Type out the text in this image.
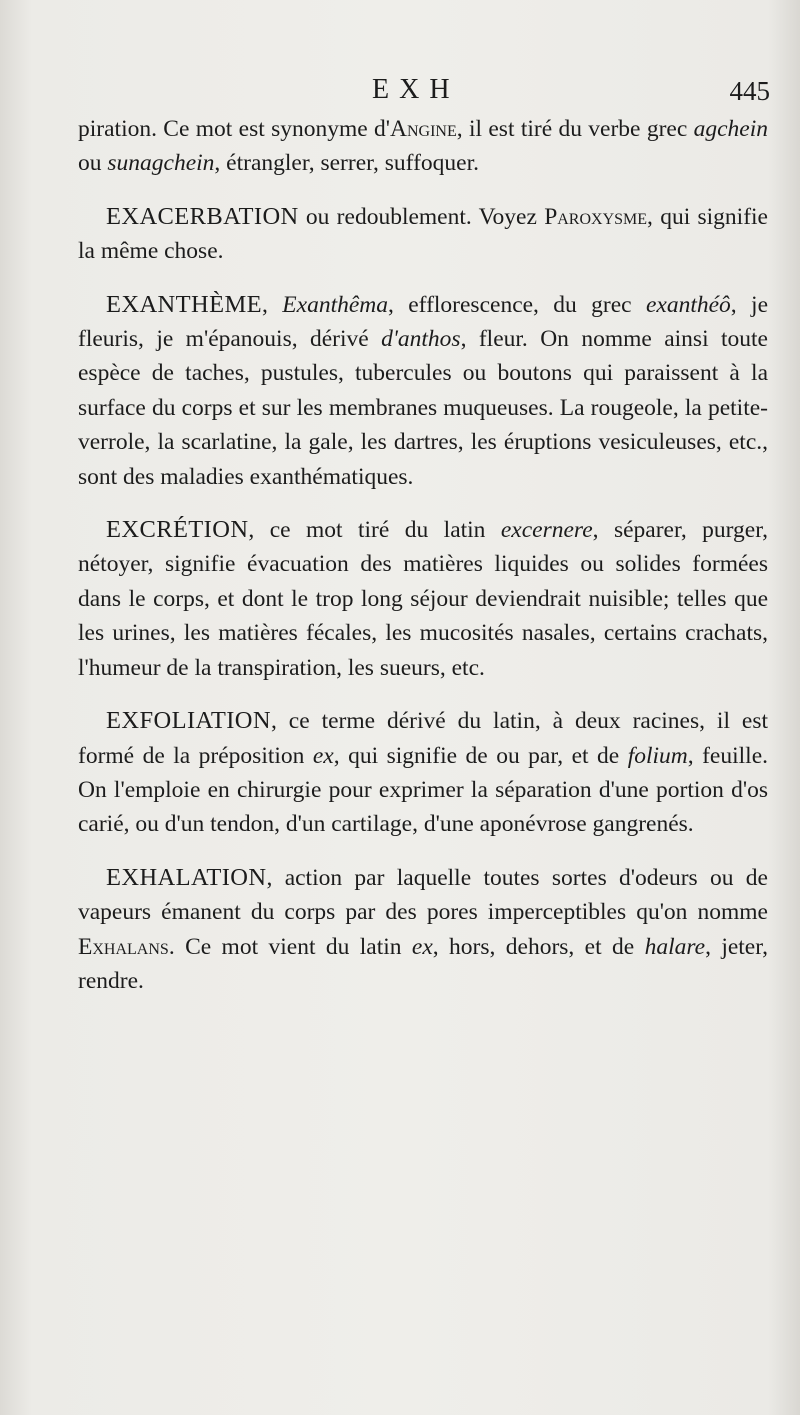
EXH	445

piration. Ce mot est synonyme d'Angine, il est tiré du verbe grec agchein ou sunagchein, étrangler, serrer, suffoquer.

EXACERBATION ou redoublement. Voyez Paroxysme, qui signifie la même chose.

EXANTHÈME, Exanthêma, efflorescence, du grec exanthéô, je fleuris, je m'épanouis, dérivé d'anthos, fleur. On nomme ainsi toute espèce de taches, pustules, tubercules ou boutons qui paraissent à la surface du corps et sur les membranes muqueuses. La rougeole, la petite-verrole, la scarlatine, la gale, les dartres, les éruptions vesiculeuses, etc., sont des maladies exanthématiques.

EXCRÉTION, ce mot tiré du latin excernere, séparer, purger, nétoyer, signifie évacuation des matières liquides ou solides formées dans le corps, et dont le trop long séjour deviendrait nuisible; telles que les urines, les matières fécales, les mucosités nasales, certains crachats, l'humeur de la transpiration, les sueurs, etc.

EXFOLIATION, ce terme dérivé du latin, à deux racines, il est formé de la préposition ex, qui signifie de ou par, et de folium, feuille. On l'emploie en chirurgie pour exprimer la séparation d'une portion d'os carié, ou d'un tendon, d'un cartilage, d'une aponévrose gangrenés.

EXHALATION, action par laquelle toutes sortes d'odeurs ou de vapeurs émanent du corps par des pores imperceptibles qu'on nomme Exhalans. Ce mot vient du latin ex, hors, dehors, et de halare, jeter, rendre.
